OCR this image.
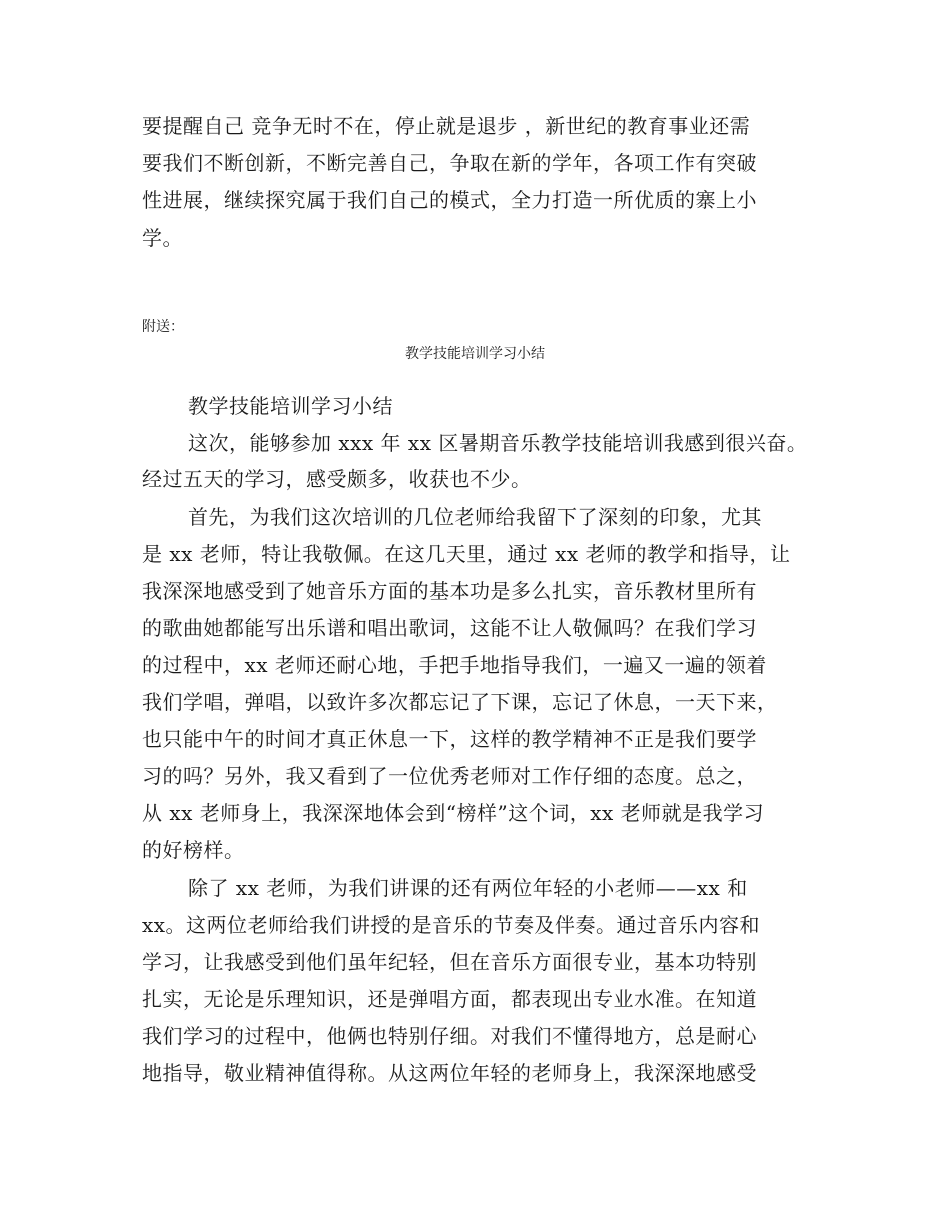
要提醒自己 竞争无时不在，停止就是退步 ，新世纪的教育事业还需
要我们不断创新，不断完善自己，争取在新的学年，各项工作有突破
性进展，继续探究属于我们自己的模式，全力打造一所优质的寨上小
学。
附送：
教学技能培训学习小结
教学技能培训学习小结
这次，能够参加 xxx 年 xx 区暑期音乐教学技能培训我感到很兴奋。
经过五天的学习，感受颇多，收获也不少。
首先，为我们这次培训的几位老师给我留下了深刻的印象，尤其
是 xx 老师，特让我敬佩。在这几天里，通过 xx 老师的教学和指导，让
我深深地感受到了她音乐方面的基本功是多么扎实，音乐教材里所有
的歌曲她都能写出乐谱和唱出歌词，这能不让人敬佩吗？在我们学习
的过程中，xx 老师还耐心地，手把手地指导我们，一遍又一遍的领着
我们学唱，弹唱，以致许多次都忘记了下课，忘记了休息，一天下来，
也只能中午的时间才真正休息一下，这样的教学精神不正是我们要学
习的吗？另外，我又看到了一位优秀老师对工作仔细的态度。总之，
从 xx 老师身上，我深深地体会到“榜样”这个词，xx 老师就是我学习
的好榜样。
除了 xx 老师，为我们讲课的还有两位年轻的小老师——xx 和
xx。这两位老师给我们讲授的是音乐的节奏及伴奏。通过音乐内容和
学习，让我感受到他们虽年纪轻，但在音乐方面很专业，基本功特别
扎实，无论是乐理知识，还是弹唱方面，都表现出专业水准。在知道
我们学习的过程中，他俩也特别仔细。对我们不懂得地方，总是耐心
地指导，敬业精神值得称。从这两位年轻的老师身上，我深深地感受
